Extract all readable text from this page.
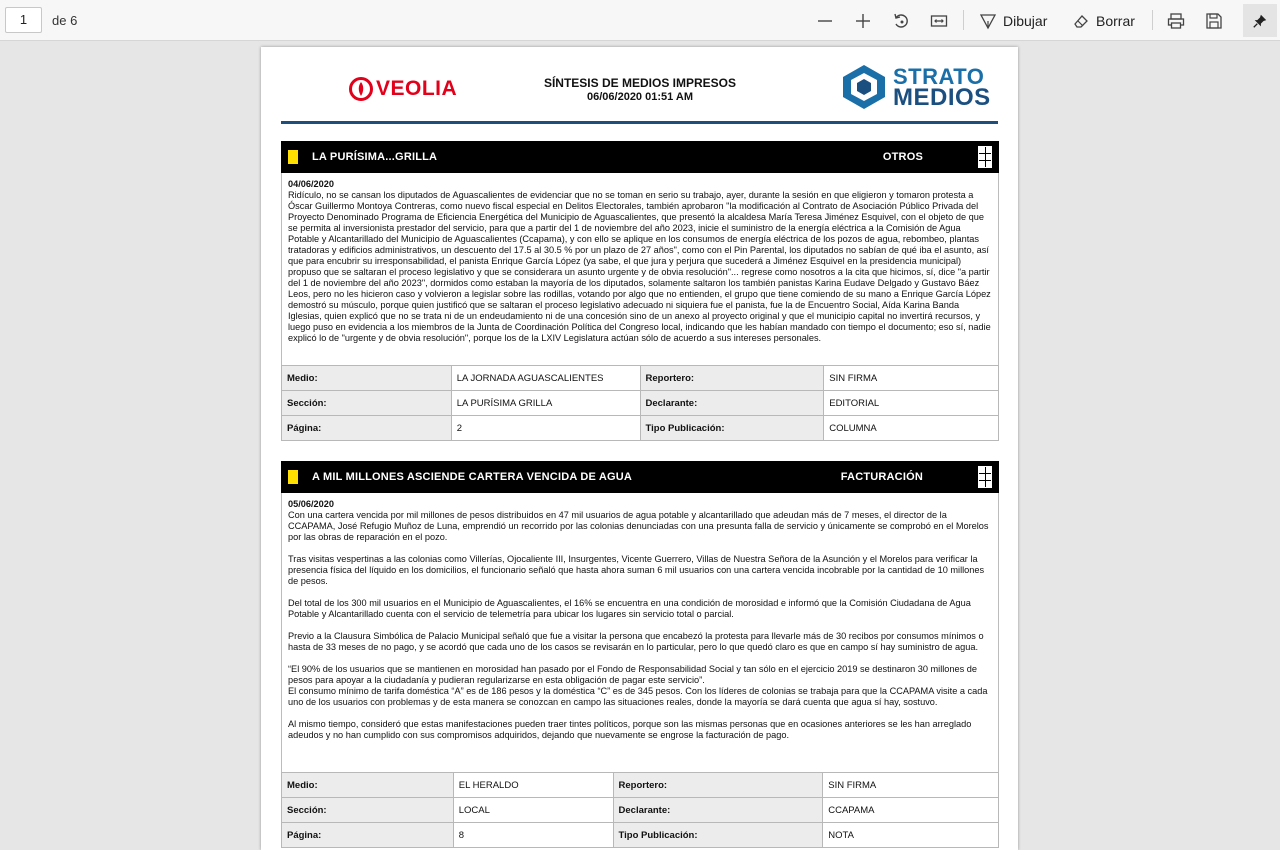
1	de 6	Dibujar	Borrar
VEOLIA	SÍNTESIS DE MEDIOS IMPRESOS
06/06/2020 01:51 AM
STRATO
MEDIOS
LA PURÍSIMA...GRILLA	OTROS
04/06/2020

Ridículo, no se cansan los diputados de Aguascalientes de evidenciar que no se toman en serio su trabajo, ayer, durante la sesión en que eligieron y tomaron protesta a Óscar Guillermo Montoya Contreras, como nuevo fiscal especial en Delitos Electorales, también aprobaron "la modificación al Contrato de Asociación Público Privada del Proyecto Denominado Programa de Eficiencia Energética del Municipio de Aguascalientes, que presentó la alcaldesa María Teresa Jiménez Esquivel, con el objeto de que se permita al inversionista prestador del servicio, para que a partir del 1 de noviembre del año 2023, inicie el suministro de la energía eléctrica a la Comisión de Agua Potable y Alcantarillado del Municipio de Aguascalientes (Ccapama), y con ello se aplique en los consumos de energía eléctrica de los pozos de agua, rebombeo, plantas tratadoras y edificios administrativos, un descuento del 17.5 al 30.5 % por un plazo de 27 años", como con el Pin Parental, los diputados no sabían de qué iba el asunto, así que para encubrir su irresponsabilidad, el panista Enrique García López (ya sabe, el que jura y perjura que sucederá a Jiménez Esquivel en la presidencia municipal) propuso que se saltaran el proceso legislativo y que se considerara un asunto urgente y de obvia resolución"... regrese como nosotros a la cita que hicimos, sí, dice "a partir del 1 de noviembre del año 2023", dormidos como estaban la mayoría de los diputados, solamente saltaron los también panistas Karina Eudave Delgado y Gustavo Báez Leos, pero no les hicieron caso y volvieron a legislar sobre las rodillas, votando por algo que no entienden, el grupo que tiene comiendo de su mano a Enrique García López demostró su músculo, porque quien justificó que se saltaran el proceso legislativo adecuado ni siquiera fue el panista, fue la de Encuentro Social, Aída Karina Banda Iglesias, quien explicó que no se trata ni de un endeudamiento ni de una concesión sino de un anexo al proyecto original y que el municipio capital no invertirá recursos, y luego puso en evidencia a los miembros de la Junta de Coordinación Política del Congreso local, indicando que les habían mandado con tiempo el documento; eso sí, nadie explicó lo de "urgente y de obvia resolución", porque los de la LXIV Legislatura actúan sólo de acuerdo a sus intereses personales.

Medio:	LA JORNADA AGUASCALIENTES	Reportero:	SIN FIRMA
Sección:	LA PURÍSIMA GRILLA	Declarante:	EDITORIAL
Página:	2	Tipo Publicación:	COLUMNA
A MIL MILLONES ASCIENDE CARTERA VENCIDA DE AGUA	FACTURACIÓN
05/06/2020

Con una cartera vencida por mil millones de pesos distribuidos en 47 mil usuarios de agua potable y alcantarillado que adeudan más de 7 meses, el director de la CCAPAMA, José Refugio Muñoz de Luna, emprendió un recorrido por las colonias denunciadas con una presunta falla de servicio y únicamente se comprobó en el Morelos por las obras de reparación en el pozo.

Tras visitas vespertinas a las colonias como Villerías, Ojocaliente III, Insurgentes, Vicente Guerrero, Villas de Nuestra Señora de la Asunción y el Morelos para verificar la presencia física del líquido en los domicilios, el funcionario señaló que hasta ahora suman 6 mil usuarios con una cartera vencida incobrable por la cantidad de 10 millones de pesos.

Del total de los 300 mil usuarios en el Municipio de Aguascalientes, el 16% se encuentra en una condición de morosidad e informó que la Comisión Ciudadana de Agua Potable y Alcantarillado cuenta con el servicio de telemetría para ubicar los lugares sin servicio total o parcial.

Previo a la Clausura Simbólica de Palacio Municipal señaló que fue a visitar la persona que encabezó la protesta para llevarle más de 30 recibos por consumos mínimos o hasta de 33 meses de no pago, y se acordó que cada uno de los casos se revisarán en lo particular, pero lo que quedó claro es que en campo sí hay suministro de agua.

“El 90% de los usuarios que se mantienen en morosidad han pasado por el Fondo de Responsabilidad Social y tan sólo en el ejercicio 2019 se destinaron 30 millones de pesos para apoyar a la ciudadanía y pudieran regularizarse en esta obligación de pagar este servicio”.
El consumo mínimo de tarifa doméstica “A” es de 186 pesos y la doméstica “C” es de 345 pesos. Con los líderes de colonias se trabaja para que la CCAPAMA visite a cada uno de los usuarios con problemas y de esta manera se conozcan en campo las situaciones reales, donde la mayoría se dará cuenta que agua sí hay, sostuvo.

Al mismo tiempo, consideró que estas manifestaciones pueden traer tintes políticos, porque son las mismas personas que en ocasiones anteriores se les han arreglado adeudos y no han cumplido con sus compromisos adquiridos, dejando que nuevamente se engrose la facturación de pago.

Medio:	EL HERALDO	Reportero:	SIN FIRMA
Sección:	LOCAL	Declarante:	CCAPAMA
Página:	8	Tipo Publicación:	NOTA
